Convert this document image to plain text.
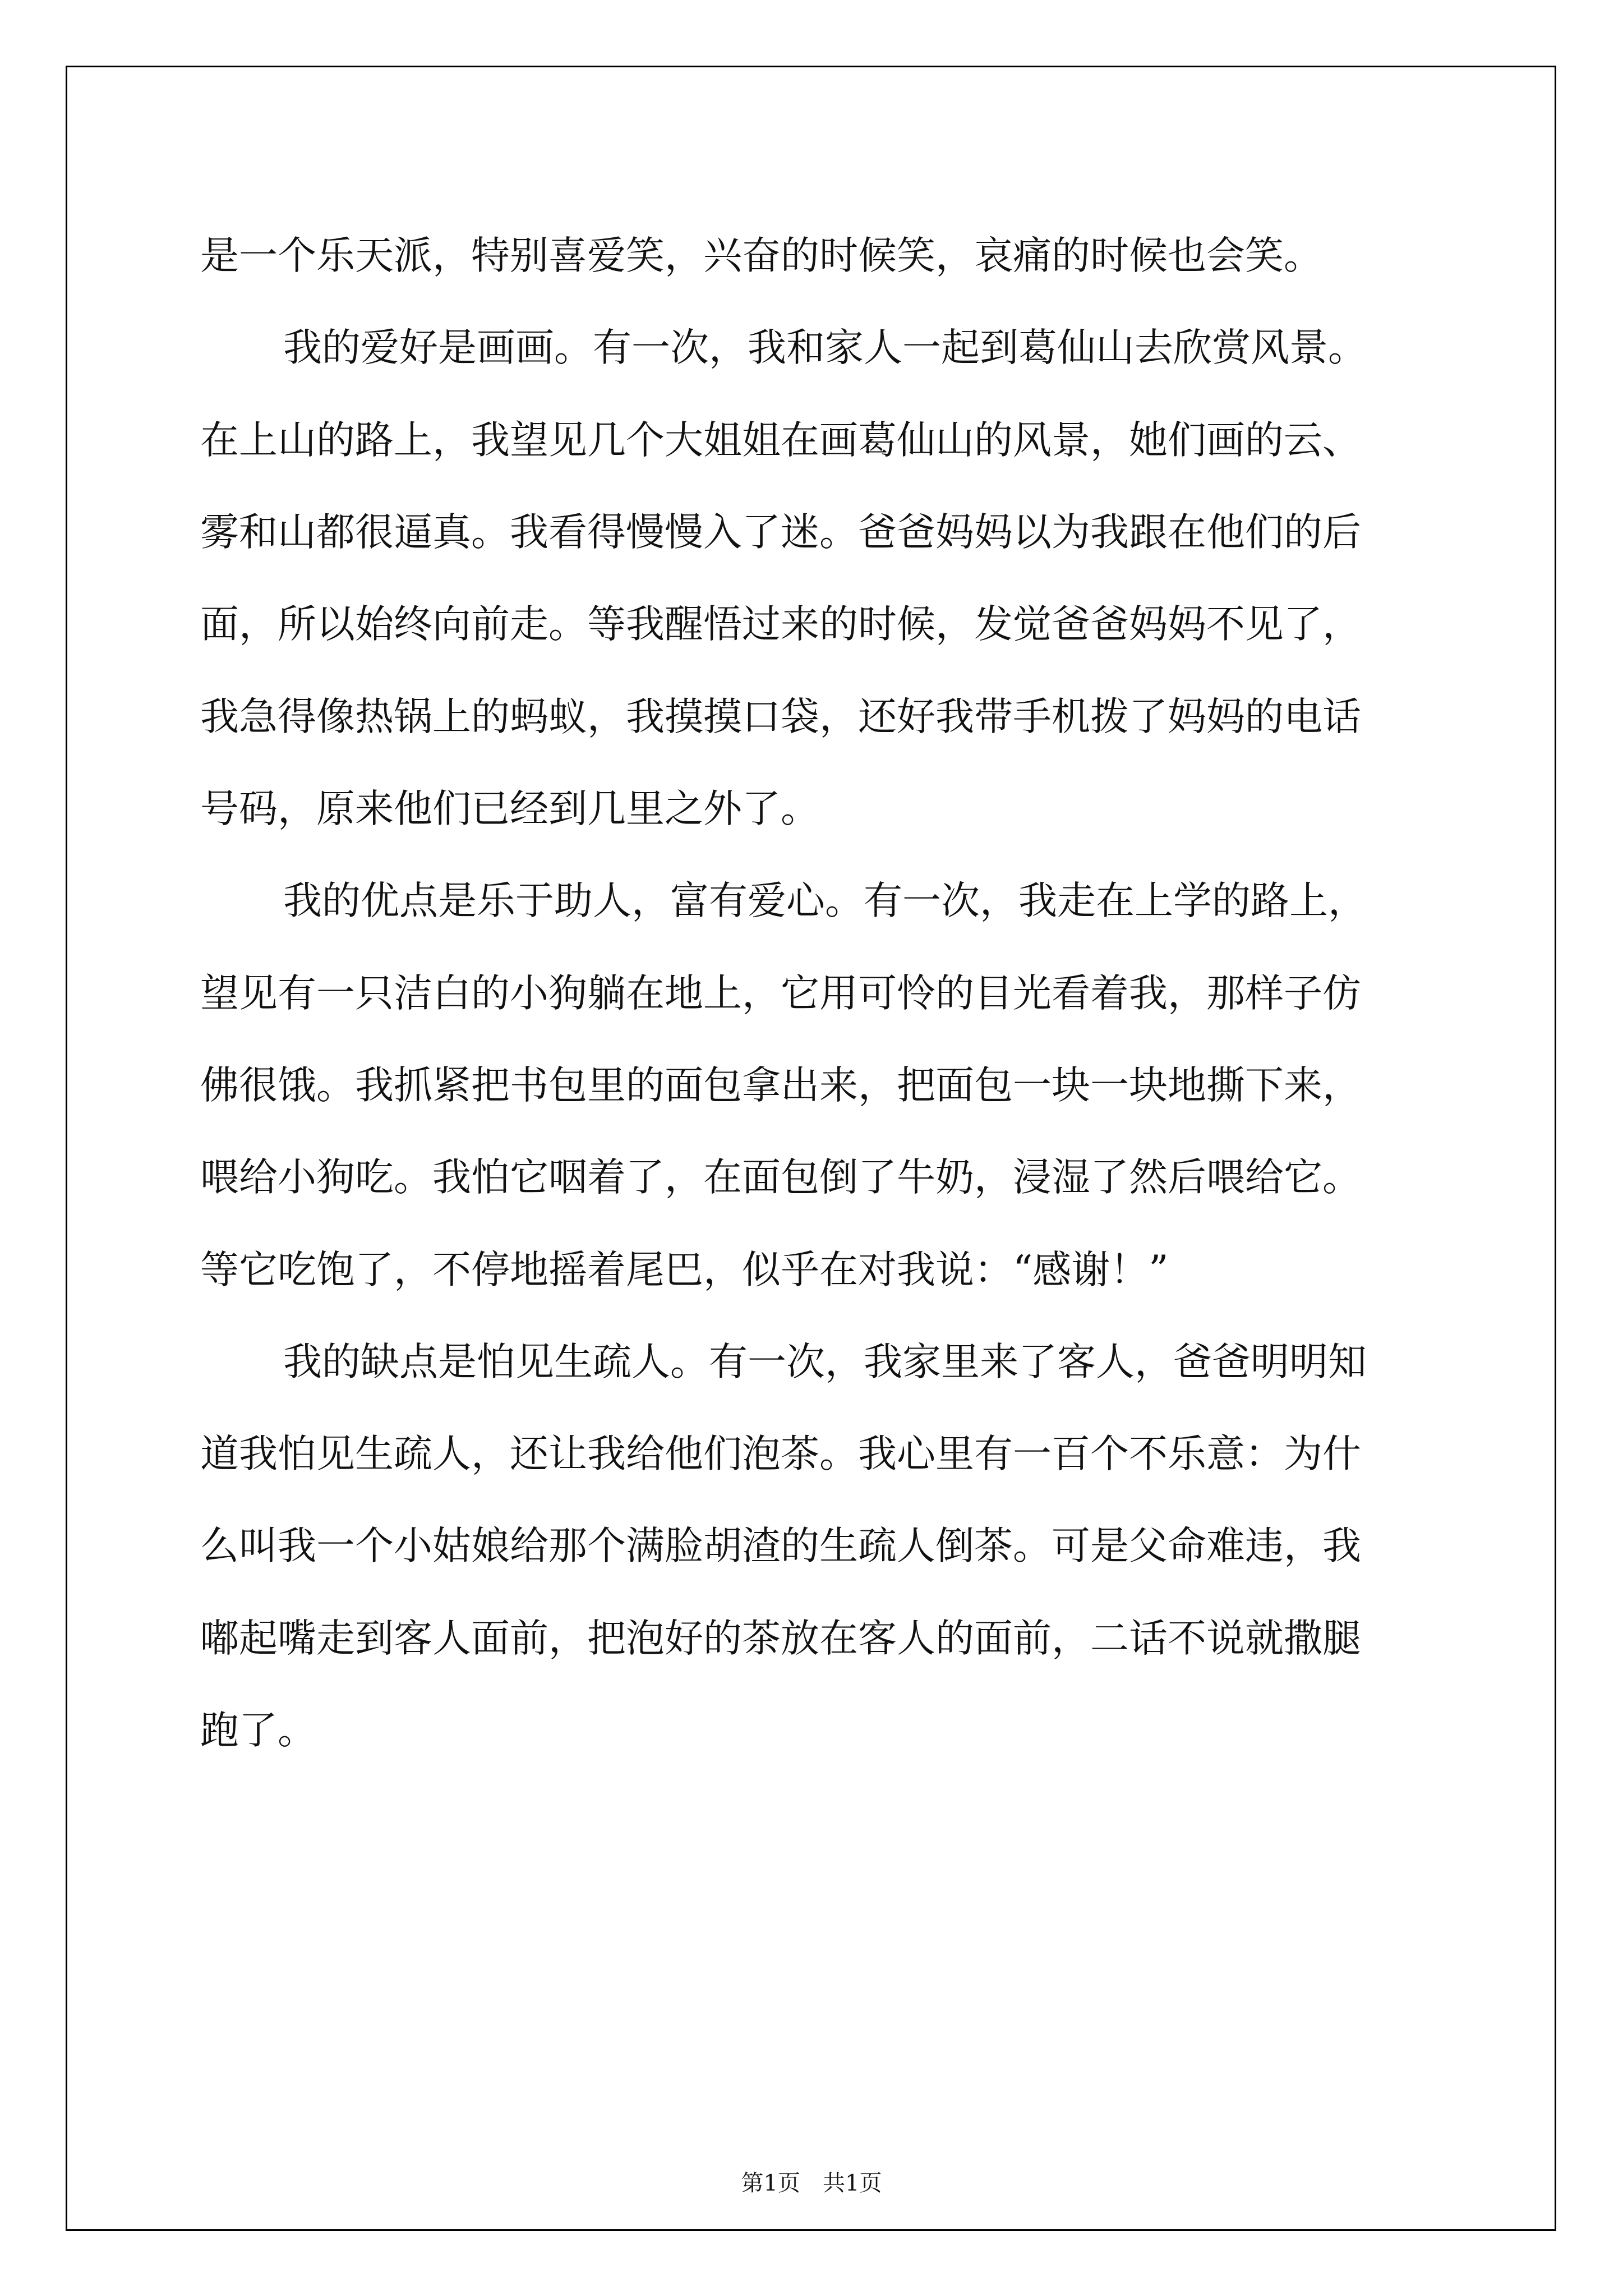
是一个乐天派，特别喜爱笑，兴奋的时候笑，哀痛的时候也会笑。
我的爱好是画画。有一次，我和家人一起到葛仙山去欣赏风景。
在上山的路上，我望见几个大姐姐在画葛仙山的风景，她们画的云、
雾和山都很逼真。我看得慢慢入了迷。爸爸妈妈以为我跟在他们的后
面，所以始终向前走。等我醒悟过来的时候，发觉爸爸妈妈不见了，
我急得像热锅上的蚂蚁，我摸摸口袋，还好我带手机拨了妈妈的电话
号码，原来他们已经到几里之外了。
我的优点是乐于助人，富有爱心。有一次，我走在上学的路上，
望见有一只洁白的小狗躺在地上，它用可怜的目光看着我，那样子仿
佛很饿。我抓紧把书包里的面包拿出来，把面包一块一块地撕下来，
喂给小狗吃。我怕它咽着了，在面包倒了牛奶，浸湿了然后喂给它。
等它吃饱了，不停地摇着尾巴，似乎在对我说：“感谢！”
我的缺点是怕见生疏人。有一次，我家里来了客人，爸爸明明知
道我怕见生疏人，还让我给他们泡茶。我心里有一百个不乐意：为什
么叫我一个小姑娘给那个满脸胡渣的生疏人倒茶。可是父命难违，我
嘟起嘴走到客人面前，把泡好的茶放在客人的面前，二话不说就撒腿
跑了。
第1页　共1页
